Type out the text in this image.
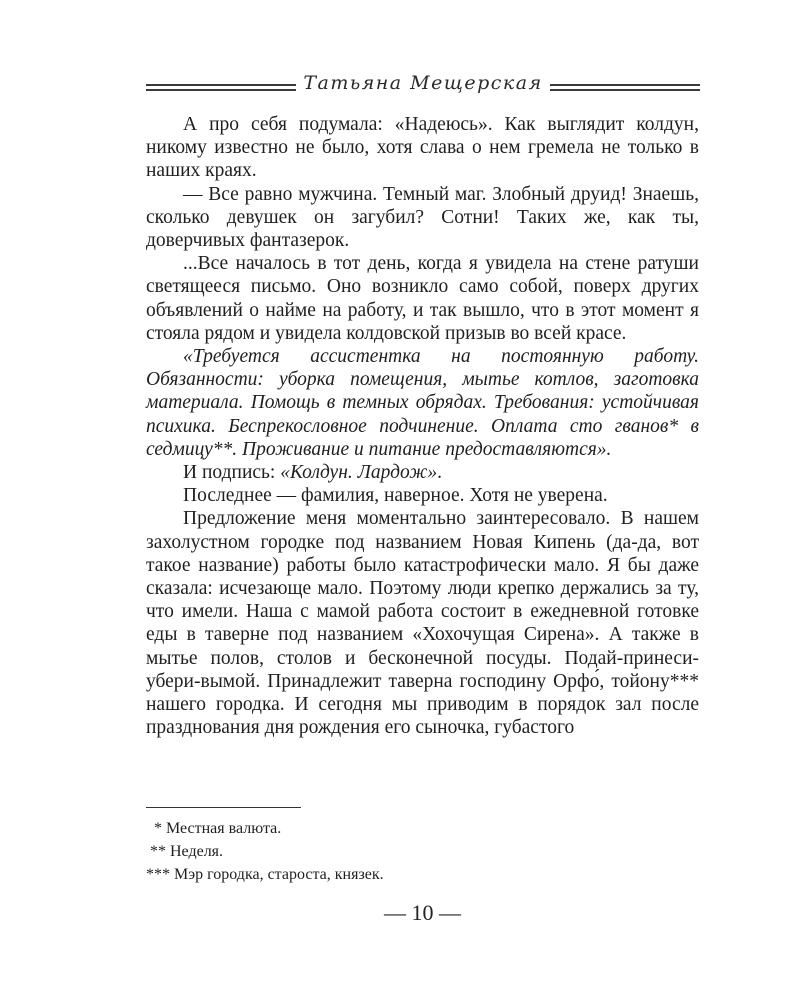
Татьяна Мещерская

А про себя подумала: «Надеюсь». Как выглядит колдун, никому известно не было, хотя слава о нем гремела не только в наших краях.

— Все равно мужчина. Темный маг. Злобный друид! Знаешь, сколько девушек он загубил? Сотни! Таких же, как ты, доверчивых фантазерок.

...Все началось в тот день, когда я увидела на стене ратуши светящееся письмо. Оно возникло само собой, поверх других объявлений о найме на работу, и так вышло, что в этот момент я стояла рядом и увидела колдовской призыв во всей красе.

«Требуется ассистентка на постоянную работу. Обязанности: уборка помещения, мытье котлов, заготовка материала. Помощь в темных обрядах. Требования: устойчивая психика. Беспрекословное подчинение. Оплата сто гванов* в седмицу**. Проживание и питание предоставляются».

И подпись: «Колдун. Лардож».

Последнее — фамилия, наверное. Хотя не уверена.

Предложение меня моментально заинтересовало. В нашем захолустном городке под названием Новая Кипень (да-да, вот такое название) работы было катастрофически мало. Я бы даже сказала: исчезающе мало. Поэтому люди крепко держались за ту, что имели. Наша с мамой работа состоит в ежедневной готовке еды в таверне под названием «Хохочущая Сирена». А также в мытье полов, столов и бесконечной посуды. Подай-принеси-убери-вымой. Принадлежит таверна господину Орфо́, тойону*** нашего городка. И сегодня мы приводим в порядок зал после празднования дня рождения его сыночка, губастого

* Местная валюта.
** Неделя.
*** Мэр городка, староста, князек.
— 10 —
